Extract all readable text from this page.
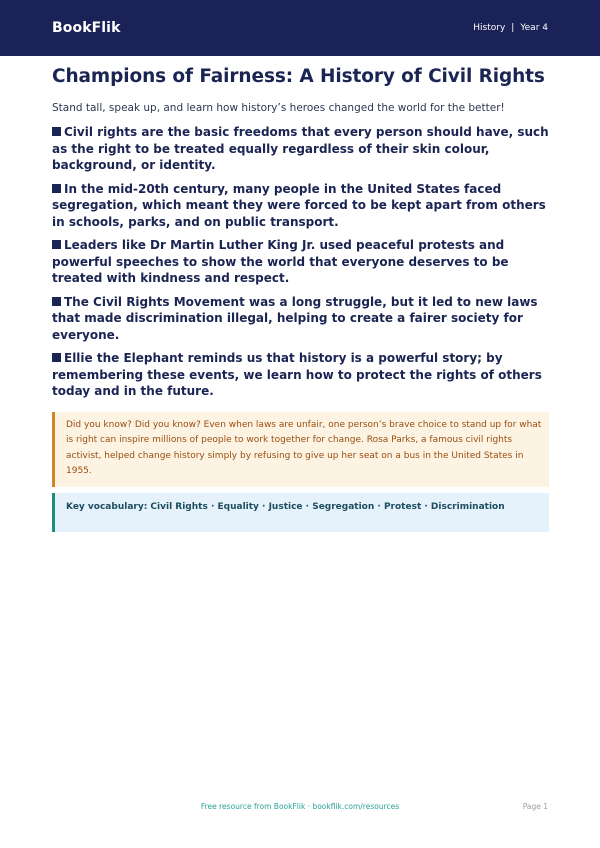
BookFlik	History | Year 4
Champions of Fairness: A History of Civil Rights

Stand tall, speak up, and learn how history’s heroes changed the world for the better!

Civil rights are the basic freedoms that every person should have, such as the right to be treated equally regardless of their skin colour, background, or identity.
In the mid-20th century, many people in the United States faced segregation, which meant they were forced to be kept apart from others in schools, parks, and on public transport.
Leaders like Dr Martin Luther King Jr. used peaceful protests and powerful speeches to show the world that everyone deserves to be treated with kindness and respect.
The Civil Rights Movement was a long struggle, but it led to new laws that made discrimination illegal, helping to create a fairer society for everyone.
Ellie the Elephant reminds us that history is a powerful story; by remembering these events, we learn how to protect the rights of others today and in the future.
Did you know? Did you know? Even when laws are unfair, one person’s brave choice to stand up for what is right can inspire millions of people to work together for change. Rosa Parks, a famous civil rights activist, helped change history simply by refusing to give up her seat on a bus in the United States in 1955.
Key vocabulary: Civil Rights · Equality · Justice · Segregation · Protest · Discrimination
Free resource from BookFlik · bookflik.com/resources	Page 1
